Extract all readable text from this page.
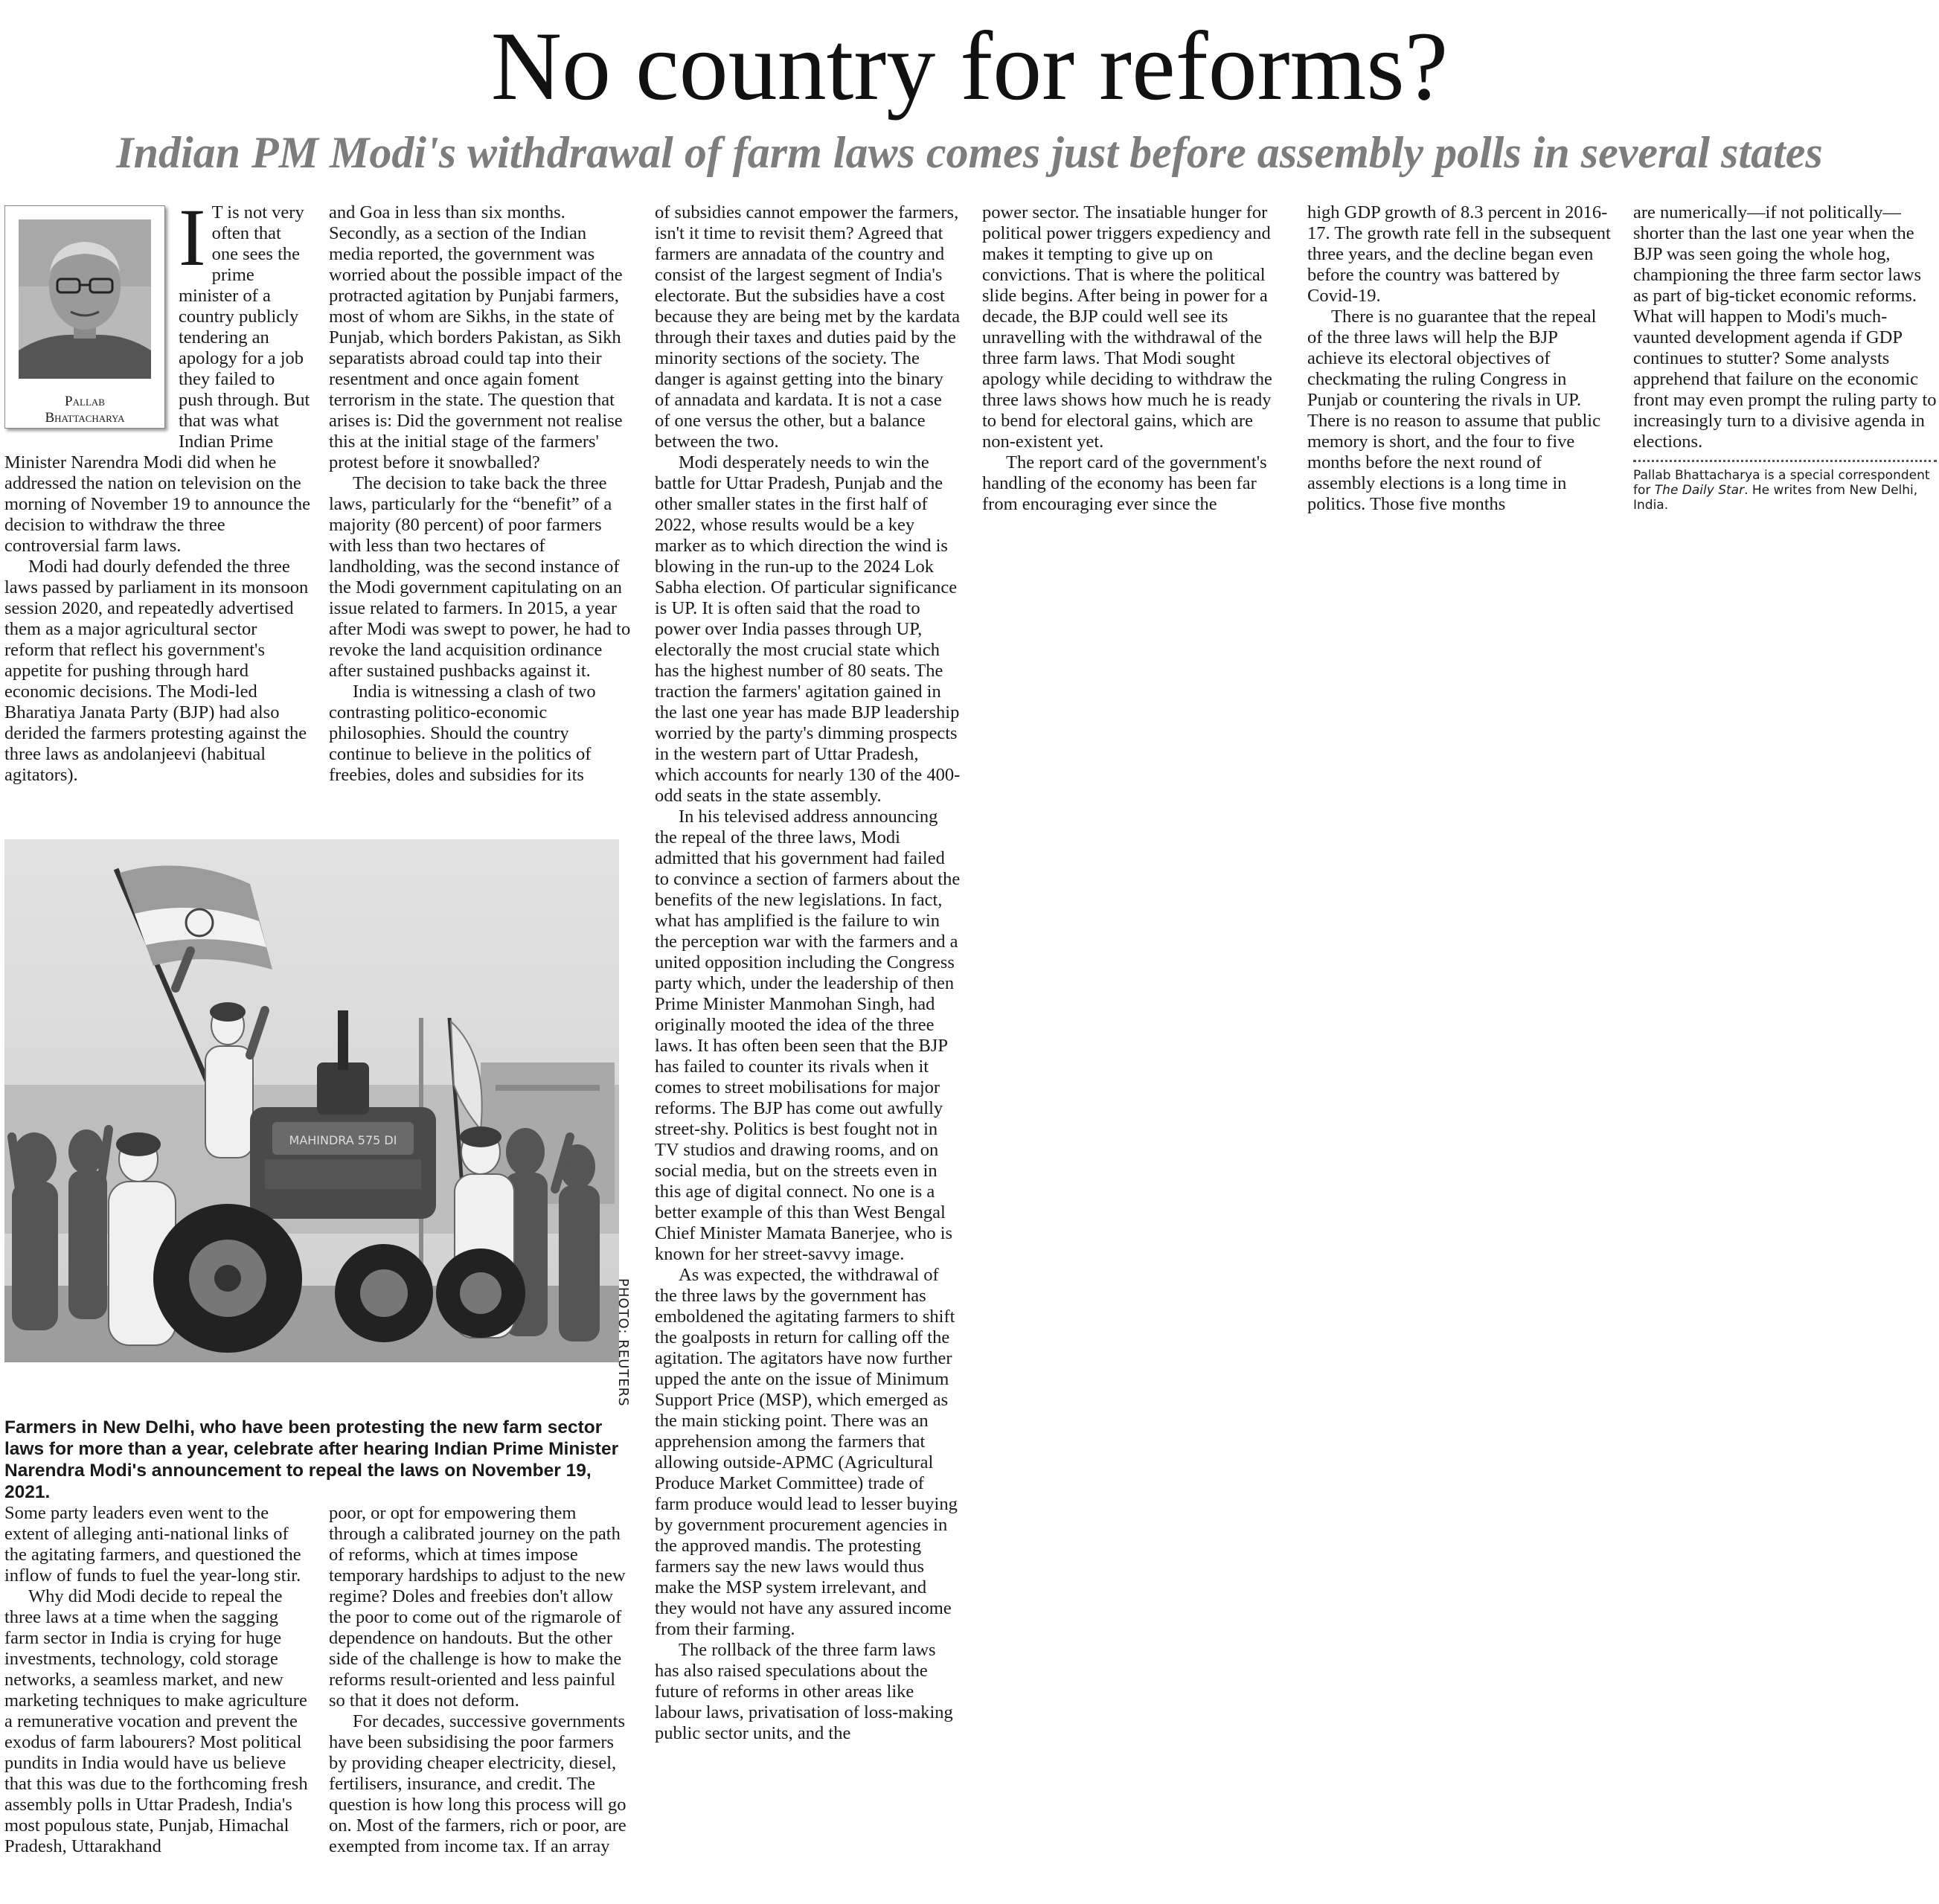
No country for reforms?
Indian PM Modi's withdrawal of farm laws comes just before assembly polls in several states
Pallab
Bhattacharya
I T is not very often that one sees the prime minister of a country publicly tendering an apology for a job they failed to push through. But that was what Indian Prime Minister Narendra Modi did when he addressed the nation on television on the morning of November 19 to announce the decision to withdraw the three controversial farm laws.

Modi had dourly defended the three laws passed by parliament in its monsoon session 2020, and repeatedly advertised them as a major agricultural sector reform that reflect his government's appetite for pushing through hard economic decisions. The Modi-led Bharatiya Janata Party (BJP) had also derided the farmers protesting against the three laws as andolanjeevi (habitual agitators).

and Goa in less than six months. Secondly, as a section of the Indian media reported, the government was worried about the possible impact of the protracted agitation by Punjabi farmers, most of whom are Sikhs, in the state of Punjab, which borders Pakistan, as Sikh separatists abroad could tap into their resentment and once again foment terrorism in the state. The question that arises is: Did the government not realise this at the initial stage of the farmers' protest before it snowballed?

The decision to take back the three laws, particularly for the “benefit” of a majority (80 percent) of poor farmers with less than two hectares of landholding, was the second instance of the Modi government capitulating on an issue related to farmers. In 2015, a year after Modi was swept to power, he had to revoke the land acquisition ordinance after sustained pushbacks against it.

India is witnessing a clash of two contrasting politico-economic philosophies. Should the country continue to believe in the politics of freebies, doles and subsidies for its

of subsidies cannot empower the farmers, isn't it time to revisit them? Agreed that farmers are annadata of the country and consist of the largest segment of India's electorate. But the subsidies have a cost because they are being met by the kardata through their taxes and duties paid by the minority sections of the society. The danger is against getting into the binary of annadata and kardata. It is not a case of one versus the other, but a balance between the two.

Modi desperately needs to win the battle for Uttar Pradesh, Punjab and the other smaller states in the first half of 2022, whose results would be a key marker as to which direction the wind is blowing in the run-up to the 2024 Lok Sabha election. Of particular significance is UP. It is often said that the road to power over India passes through UP, electorally the most crucial state which has the highest number of 80 seats. The traction the farmers' agitation gained in the last one year has made BJP leadership worried by the party's dimming prospects in the western part of Uttar Pradesh, which accounts for nearly 130 of the 400-odd seats in the state assembly.

In his televised address announcing the repeal of the three laws, Modi admitted that his government had failed to convince a section of farmers about the benefits of the new legislations. In fact, what has amplified is the failure to win the perception war with the farmers and a united opposition including the Congress party which, under the leadership of then Prime Minister Manmohan Singh, had originally mooted the idea of the three laws. It has often been seen that the BJP has failed to counter its rivals when it comes to street mobilisations for major reforms. The BJP has come out awfully street-shy. Politics is best fought not in TV studios and drawing rooms, and on social media, but on the streets even in this age of digital connect. No one is a better example of this than West Bengal Chief Minister Mamata Banerjee, who is known for her street-savvy image.

As was expected, the withdrawal of the three laws by the government has emboldened the agitating farmers to shift the goalposts in return for calling off the agitation. The agitators have now further upped the ante on the issue of Minimum Support Price (MSP), which emerged as the main sticking point. There was an apprehension among the farmers that allowing outside-APMC (Agricultural Produce Market Committee) trade of farm produce would lead to lesser buying by government procurement agencies in the approved mandis. The protesting farmers say the new laws would thus make the MSP system irrelevant, and they would not have any assured income from their farming.

The rollback of the three farm laws has also raised speculations about the future of reforms in other areas like labour laws, privatisation of loss-making public sector units, and the

power sector. The insatiable hunger for political power triggers expediency and makes it tempting to give up on convictions. That is where the political slide begins. After being in power for a decade, the BJP could well see its unravelling with the withdrawal of the three farm laws. That Modi sought apology while deciding to withdraw the three laws shows how much he is ready to bend for electoral gains, which are non-existent yet.

The report card of the government's handling of the economy has been far from encouraging ever since the

high GDP growth of 8.3 percent in 2016-17. The growth rate fell in the subsequent three years, and the decline began even before the country was battered by Covid-19.

There is no guarantee that the repeal of the three laws will help the BJP achieve its electoral objectives of checkmating the ruling Congress in Punjab or countering the rivals in UP. There is no reason to assume that public memory is short, and the four to five months before the next round of assembly elections is a long time in politics. Those five months

are numerically—if not politically—shorter than the last one year when the BJP was seen going the whole hog, championing the three farm sector laws as part of big-ticket economic reforms. What will happen to Modi's much-vaunted development agenda if GDP continues to stutter? Some analysts apprehend that failure on the economic front may even prompt the ruling party to increasingly turn to a divisive agenda in elections.

Pallab Bhattacharya is a special correspondent for The Daily Star. He writes from New Delhi, India.
MAHINDRA 575 DI
PHOTO: REUTERS

Farmers in New Delhi, who have been protesting the new farm sector laws for more than a year, celebrate after hearing Indian Prime Minister Narendra Modi's announcement to repeal the laws on November 19, 2021.

Some party leaders even went to the extent of alleging anti-national links of the agitating farmers, and questioned the inflow of funds to fuel the year-long stir.

Why did Modi decide to repeal the three laws at a time when the sagging farm sector in India is crying for huge investments, technology, cold storage networks, a seamless market, and new marketing techniques to make agriculture a remunerative vocation and prevent the exodus of farm labourers? Most political pundits in India would have us believe that this was due to the forthcoming fresh assembly polls in Uttar Pradesh, India's most populous state, Punjab, Himachal Pradesh, Uttarakhand

poor, or opt for empowering them through a calibrated journey on the path of reforms, which at times impose temporary hardships to adjust to the new regime? Doles and freebies don't allow the poor to come out of the rigmarole of dependence on handouts. But the other side of the challenge is how to make the reforms result-oriented and less painful so that it does not deform.

For decades, successive governments have been subsidising the poor farmers by providing cheaper electricity, diesel, fertilisers, insurance, and credit. The question is how long this process will go on. Most of the farmers, rich or poor, are exempted from income tax. If an array
